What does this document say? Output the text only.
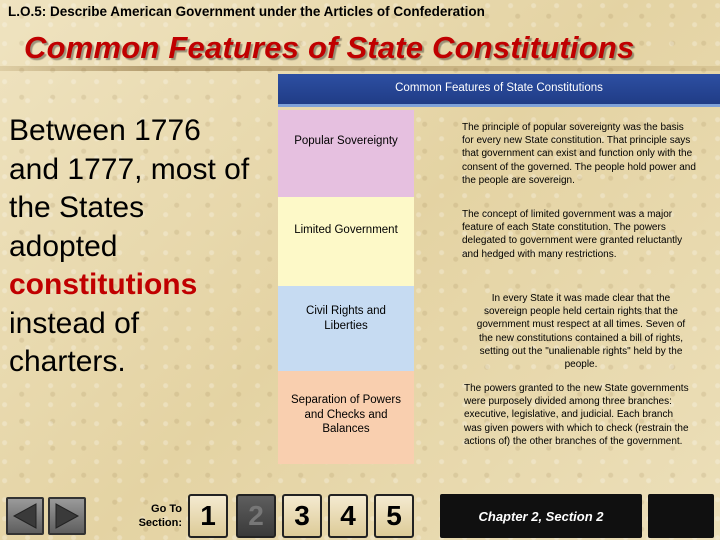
L.O.5: Describe American Government under the Articles of Confederation
Common Features of State Constitutions
Between 1776
and 1777, most of
the States
adopted
constitutions
instead of
charters.
Common Features of State Constitutions
Popular Sovereignty
The principle of popular sovereignty was the basis for every new State constitution. That principle says that government can exist and function only with the consent of the governed. The people hold power and the people are sovereign.
Limited Government
The concept of limited government was a major feature of each State constitution. The powers delegated to government were granted reluctantly and hedged with many restrictions.
Civil Rights and Liberties
In every State it was made clear that the sovereign people held certain rights that the government must respect at all times. Seven of the new constitutions contained a bill of rights, setting out the "unalienable rights" held by the people.
Separation of Powers and Checks and Balances
The powers granted to the new State governments were purposely divided among three branches: executive, legislative, and judicial. Each branch was given powers with which to check (restrain the actions of) the other branches of the government.
Go To
Section: 1	2	3	4	5	Chapter 2, Section 2
